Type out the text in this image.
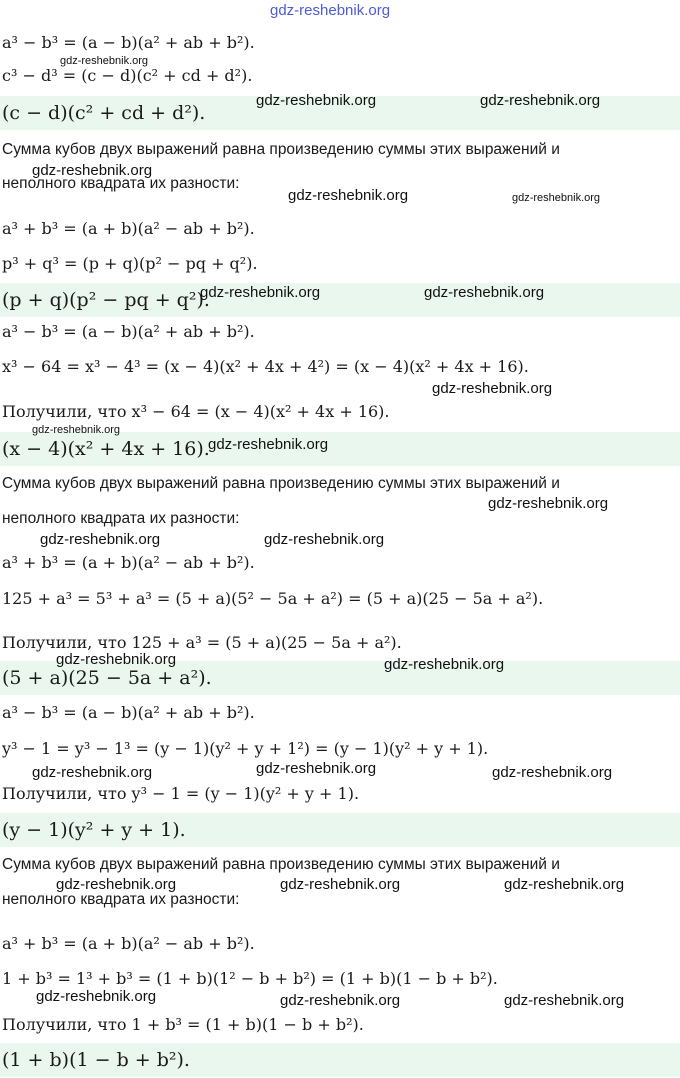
a³ − b³ = (a − b)(a² + ab + b²).
c³ − d³ = (c − d)(c² + cd + d²).
(c − d)(c² + cd + d²).
Сумма кубов двух выражений равна произведению суммы этих выражений и
неполного квадрата их разности:
a³ + b³ = (a + b)(a² − ab + b²).
p³ + q³ = (p + q)(p² − pq + q²).
(p + q)(p² − pq + q²).
a³ − b³ = (a − b)(a² + ab + b²).
x³ − 64 = x³ − 4³ = (x − 4)(x² + 4x + 4²) = (x − 4)(x² + 4x + 16).
Получили, что x³ − 64 = (x − 4)(x² + 4x + 16).
(x − 4)(x² + 4x + 16).
Сумма кубов двух выражений равна произведению суммы этих выражений и
неполного квадрата их разности:
a³ + b³ = (a + b)(a² − ab + b²).
125 + a³ = 5³ + a³ = (5 + a)(5² − 5a + a²) = (5 + a)(25 − 5a + a²).
Получили, что 125 + a³ = (5 + a)(25 − 5a + a²).
(5 + a)(25 − 5a + a²).
a³ − b³ = (a − b)(a² + ab + b²).
y³ − 1 = y³ − 1³ = (y − 1)(y² + y + 1²) = (y − 1)(y² + y + 1).
Получили, что y³ − 1 = (y − 1)(y² + y + 1).
(y − 1)(y² + y + 1).
Сумма кубов двух выражений равна произведению суммы этих выражений и
неполного квадрата их разности:
a³ + b³ = (a + b)(a² − ab + b²).
1 + b³ = 1³ + b³ = (1 + b)(1² − b + b²) = (1 + b)(1 − b + b²).
Получили, что 1 + b³ = (1 + b)(1 − b + b²).
(1 + b)(1 − b + b²).
gdz-reshebnik.org
gdz-reshebnik.org
gdz-reshebnik.org	gdz-reshebnik.org
gdz-reshebnik.org
gdz-reshebnik.org	gdz-reshebnik.org
gdz-reshebnik.org	gdz-reshebnik.org
gdz-reshebnik.org
gdz-reshebnik.org
gdz-reshebnik.org
gdz-reshebnik.org
gdz-reshebnik.org	gdz-reshebnik.org
gdz-reshebnik.org	gdz-reshebnik.org
gdz-reshebnik.org
gdz-reshebnik.org	gdz-reshebnik.org
gdz-reshebnik.org	gdz-reshebnik.org	gdz-reshebnik.org
gdz-reshebnik.org	gdz-reshebnik.org	gdz-reshebnik.org
